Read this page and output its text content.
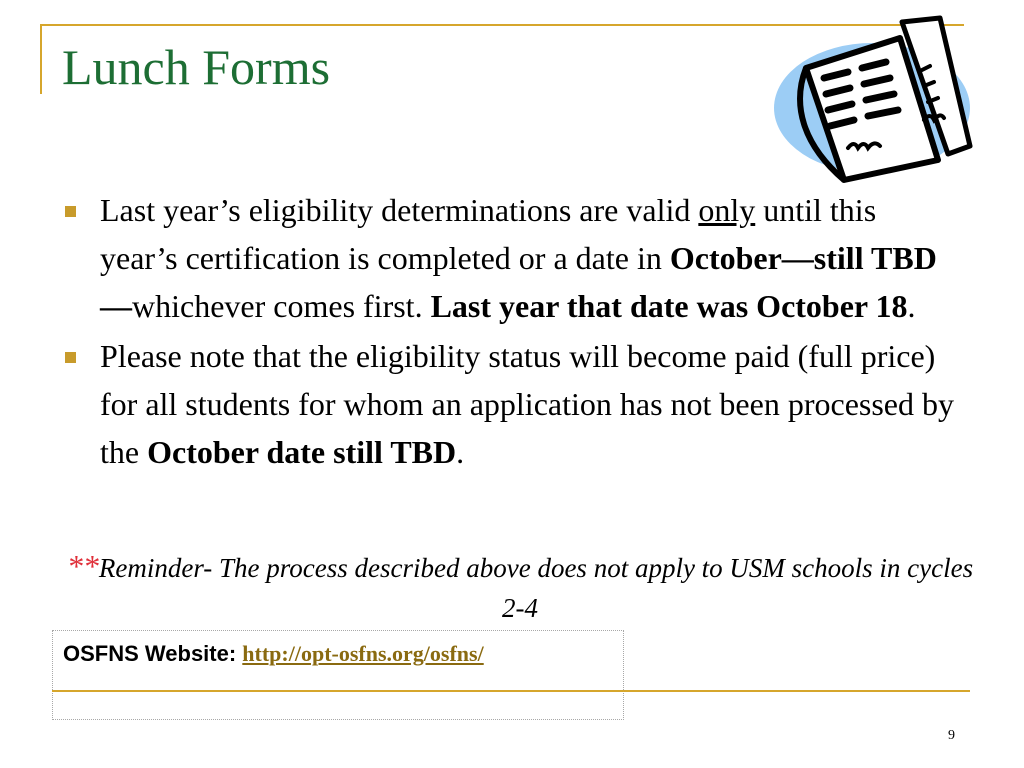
Lunch Forms
Last year’s eligibility determinations are valid only until this year’s certification is completed or a date in October—still TBD—whichever comes first. Last year that date was October 18.
Please note that the eligibility status will become paid (full price) for all students for whom an application has not been processed by the October date still TBD.
**Reminder- The process described above does not apply to USM schools in cycles 2-4
OSFNS Website: http://opt-osfns.org/osfns/
9
